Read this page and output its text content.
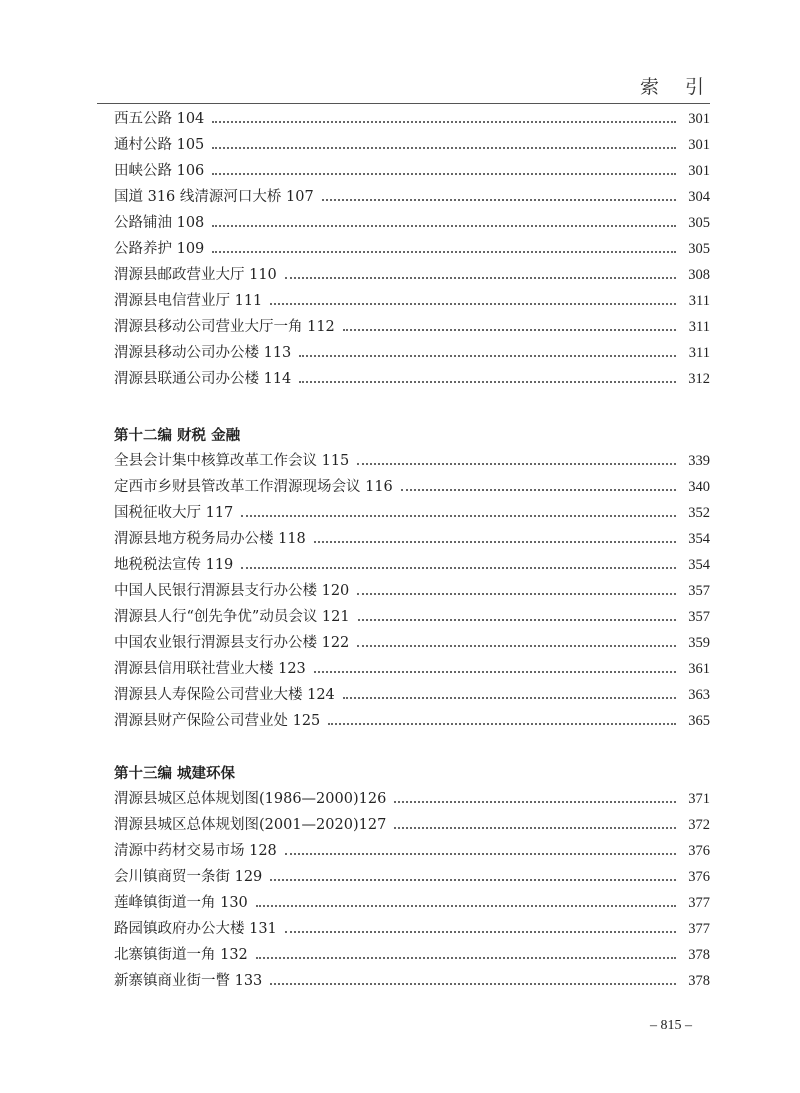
索 引
西五公路 104	301
通村公路 105	301
田峡公路 106	301
国道 316 线清源河口大桥 107	304
公路铺油 108	305
公路养护 109	305
渭源县邮政营业大厅 110	308
渭源县电信营业厅 111	311
渭源县移动公司营业大厅一角 112	311
渭源县移动公司办公楼 113	311
渭源县联通公司办公楼 114	312
第十二编 财税 金融
全县会计集中核算改革工作会议 115	339
定西市乡财县管改革工作渭源现场会议 116	340
国税征收大厅 117	352
渭源县地方税务局办公楼 118	354
地税税法宣传 119	354
中国人民银行渭源县支行办公楼 120	357
渭源县人行“创先争优”动员会议 121	357
中国农业银行渭源县支行办公楼 122	359
渭源县信用联社营业大楼 123	361
渭源县人寿保险公司营业大楼 124	363
渭源县财产保险公司营业处 125	365
第十三编 城建环保
渭源县城区总体规划图(1986—2000)126	371
渭源县城区总体规划图(2001—2020)127	372
清源中药材交易市场 128	376
会川镇商贸一条街 129	376
莲峰镇街道一角 130	377
路园镇政府办公大楼 131	377
北寨镇街道一角 132	378
新寨镇商业街一瞥 133	378
– 815 –
